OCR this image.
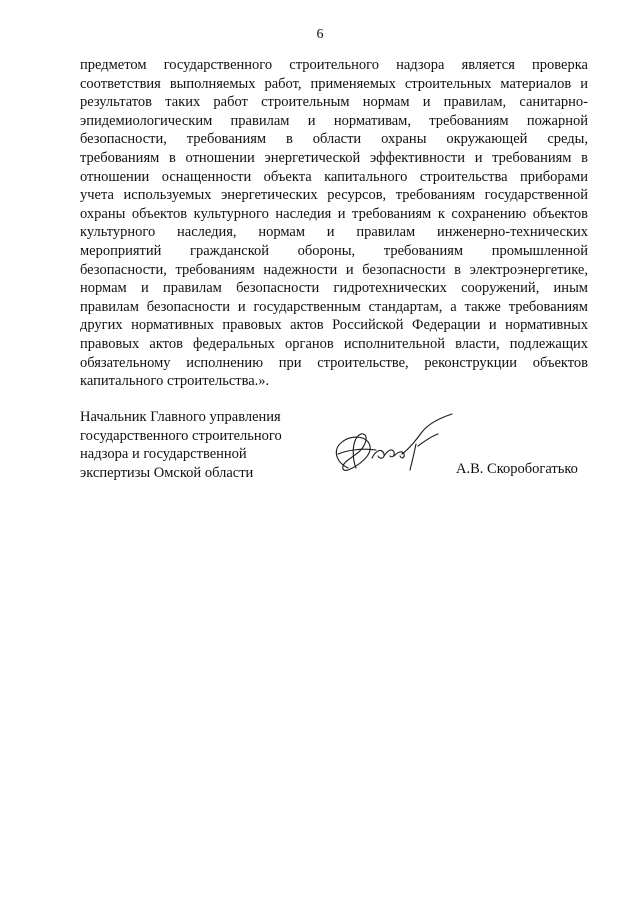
6

предметом государственного строительного надзора является проверка
соответствия выполняемых работ, применяемых строительных материалов и
результатов таких работ строительным нормам и правилам, санитарно-
эпидемиологическим правилам и нормативам, требованиям пожарной
безопасности, требованиям в области охраны окружающей среды,
требованиям в отношении энергетической эффективности и требованиям в
отношении оснащенности объекта капитального строительства приборами
учета используемых энергетических ресурсов, требованиям государственной
охраны объектов культурного наследия и требованиям к сохранению объектов
культурного наследия, нормам и правилам инженерно-технических
мероприятий гражданской обороны, требованиям промышленной
безопасности, требованиям надежности и безопасности в электроэнергетике,
нормам и правилам безопасности гидротехнических сооружений, иным
правилам безопасности и государственным стандартам, а также требованиям
других нормативных правовых актов Российской Федерации и нормативных
правовых актов федеральных органов исполнительной власти, подлежащих
обязательному исполнению при строительстве, реконструкции объектов
капитального строительства.».

Начальник Главного управления
государственного строительного
надзора и государственной
экспертизы Омской области	А.В. Скоробогатько
